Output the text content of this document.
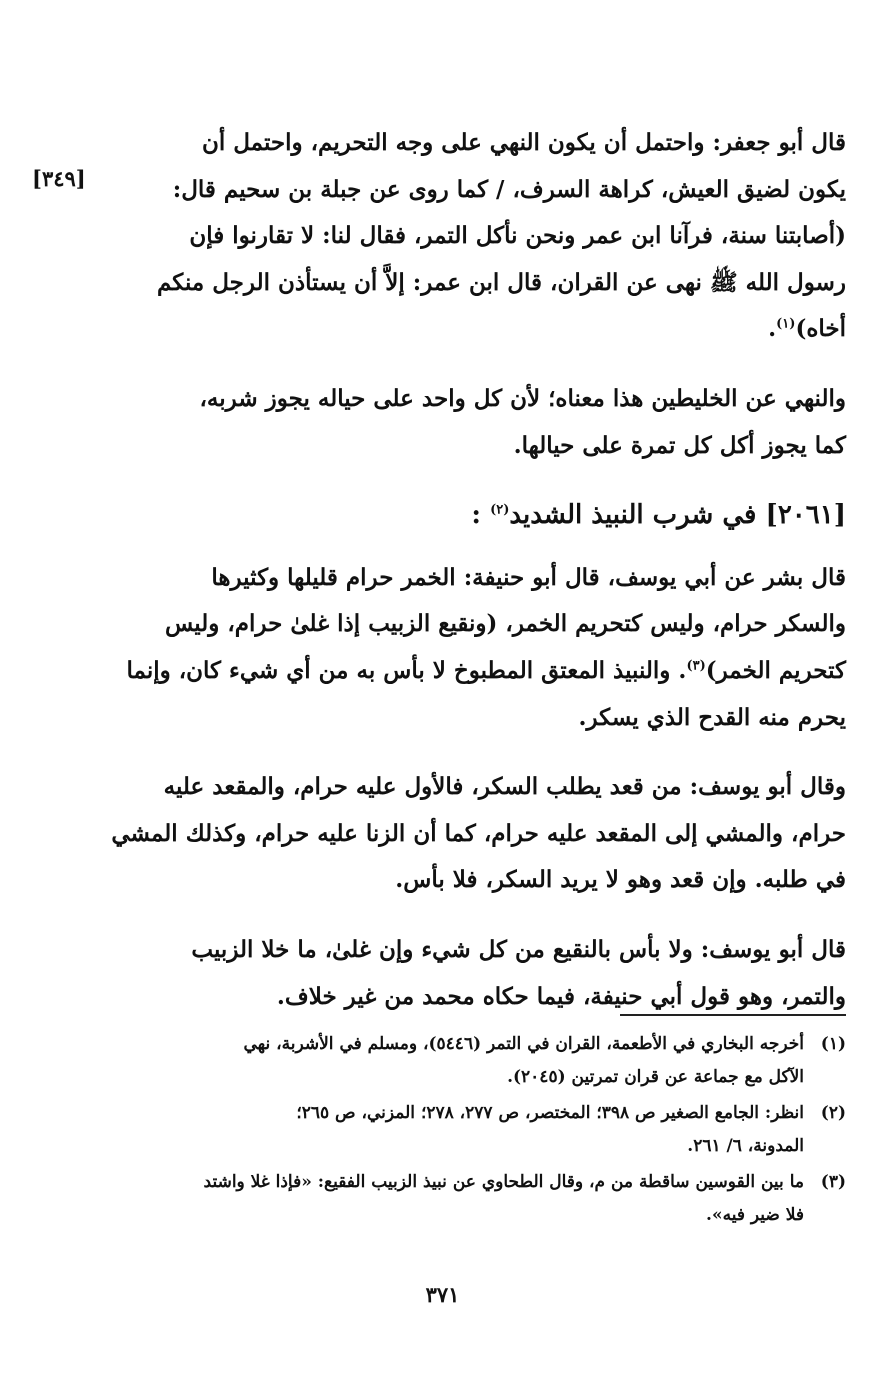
[٣٤٩]

قال أبو جعفر: واحتمل أن يكون النهي على وجه التحريم، واحتمل أن
يكون لضيق العيش، كراهة السرف، / كما روى عن جبلة بن سحيم قال:
(أصابتنا سنة، فرآنا ابن عمر ونحن نأكل التمر، فقال لنا: لا تقارنوا فإن
رسول الله ﷺ نهى عن القران، قال ابن عمر: إلاَّ أن يستأذن الرجل منكم
أخاه)$^{(١)}$.

والنهي عن الخليطين هذا معناه؛ لأن كل واحد على حياله يجوز شربه،
كما يجوز أكل كل تمرة على حيالها.

[٢٠٦١] في شرب النبيذ الشديد$^{(٢)}$ :

قال بشر عن أبي يوسف، قال أبو حنيفة: الخمر حرام قليلها وكثيرها
والسكر حرام، وليس كتحريم الخمر، (ونقيع الزبيب إذا غلىٰ حرام، وليس
كتحريم الخمر)$^{(٣)}$. والنبيذ المعتق المطبوخ لا بأس به من أي شيء كان، وإنما
يحرم منه القدح الذي يسكر.

وقال أبو يوسف: من قعد يطلب السكر، فالأول عليه حرام، والمقعد عليه
حرام، والمشي إلى المقعد عليه حرام، كما أن الزنا عليه حرام، وكذلك المشي
في طلبه. وإن قعد وهو لا يريد السكر، فلا بأس.

قال أبو يوسف: ولا بأس بالنقيع من كل شيء وإن غلىٰ، ما خلا الزبيب
والتمر، وهو قول أبي حنيفة، فيما حكاه محمد من غير خلاف.

(١)
أخرجه البخاري في الأطعمة، القران في التمر (٥٤٤٦)، ومسلم في الأشربة، نهي
الآكل مع جماعة عن قران تمرتين (٢٠٤٥).
(٢)
انظر: الجامع الصغير ص ٣٩٨؛ المختصر، ص ٢٧٧، ٢٧٨؛ المزني، ص ٢٦٥؛
المدونة، ٦/ ٢٦١.
(٣)
ما بين القوسين ساقطة من م، وقال الطحاوي عن نبيذ الزبيب الفقيع: «فإذا غلا واشتد
فلا ضير فيه».
٣٧١
